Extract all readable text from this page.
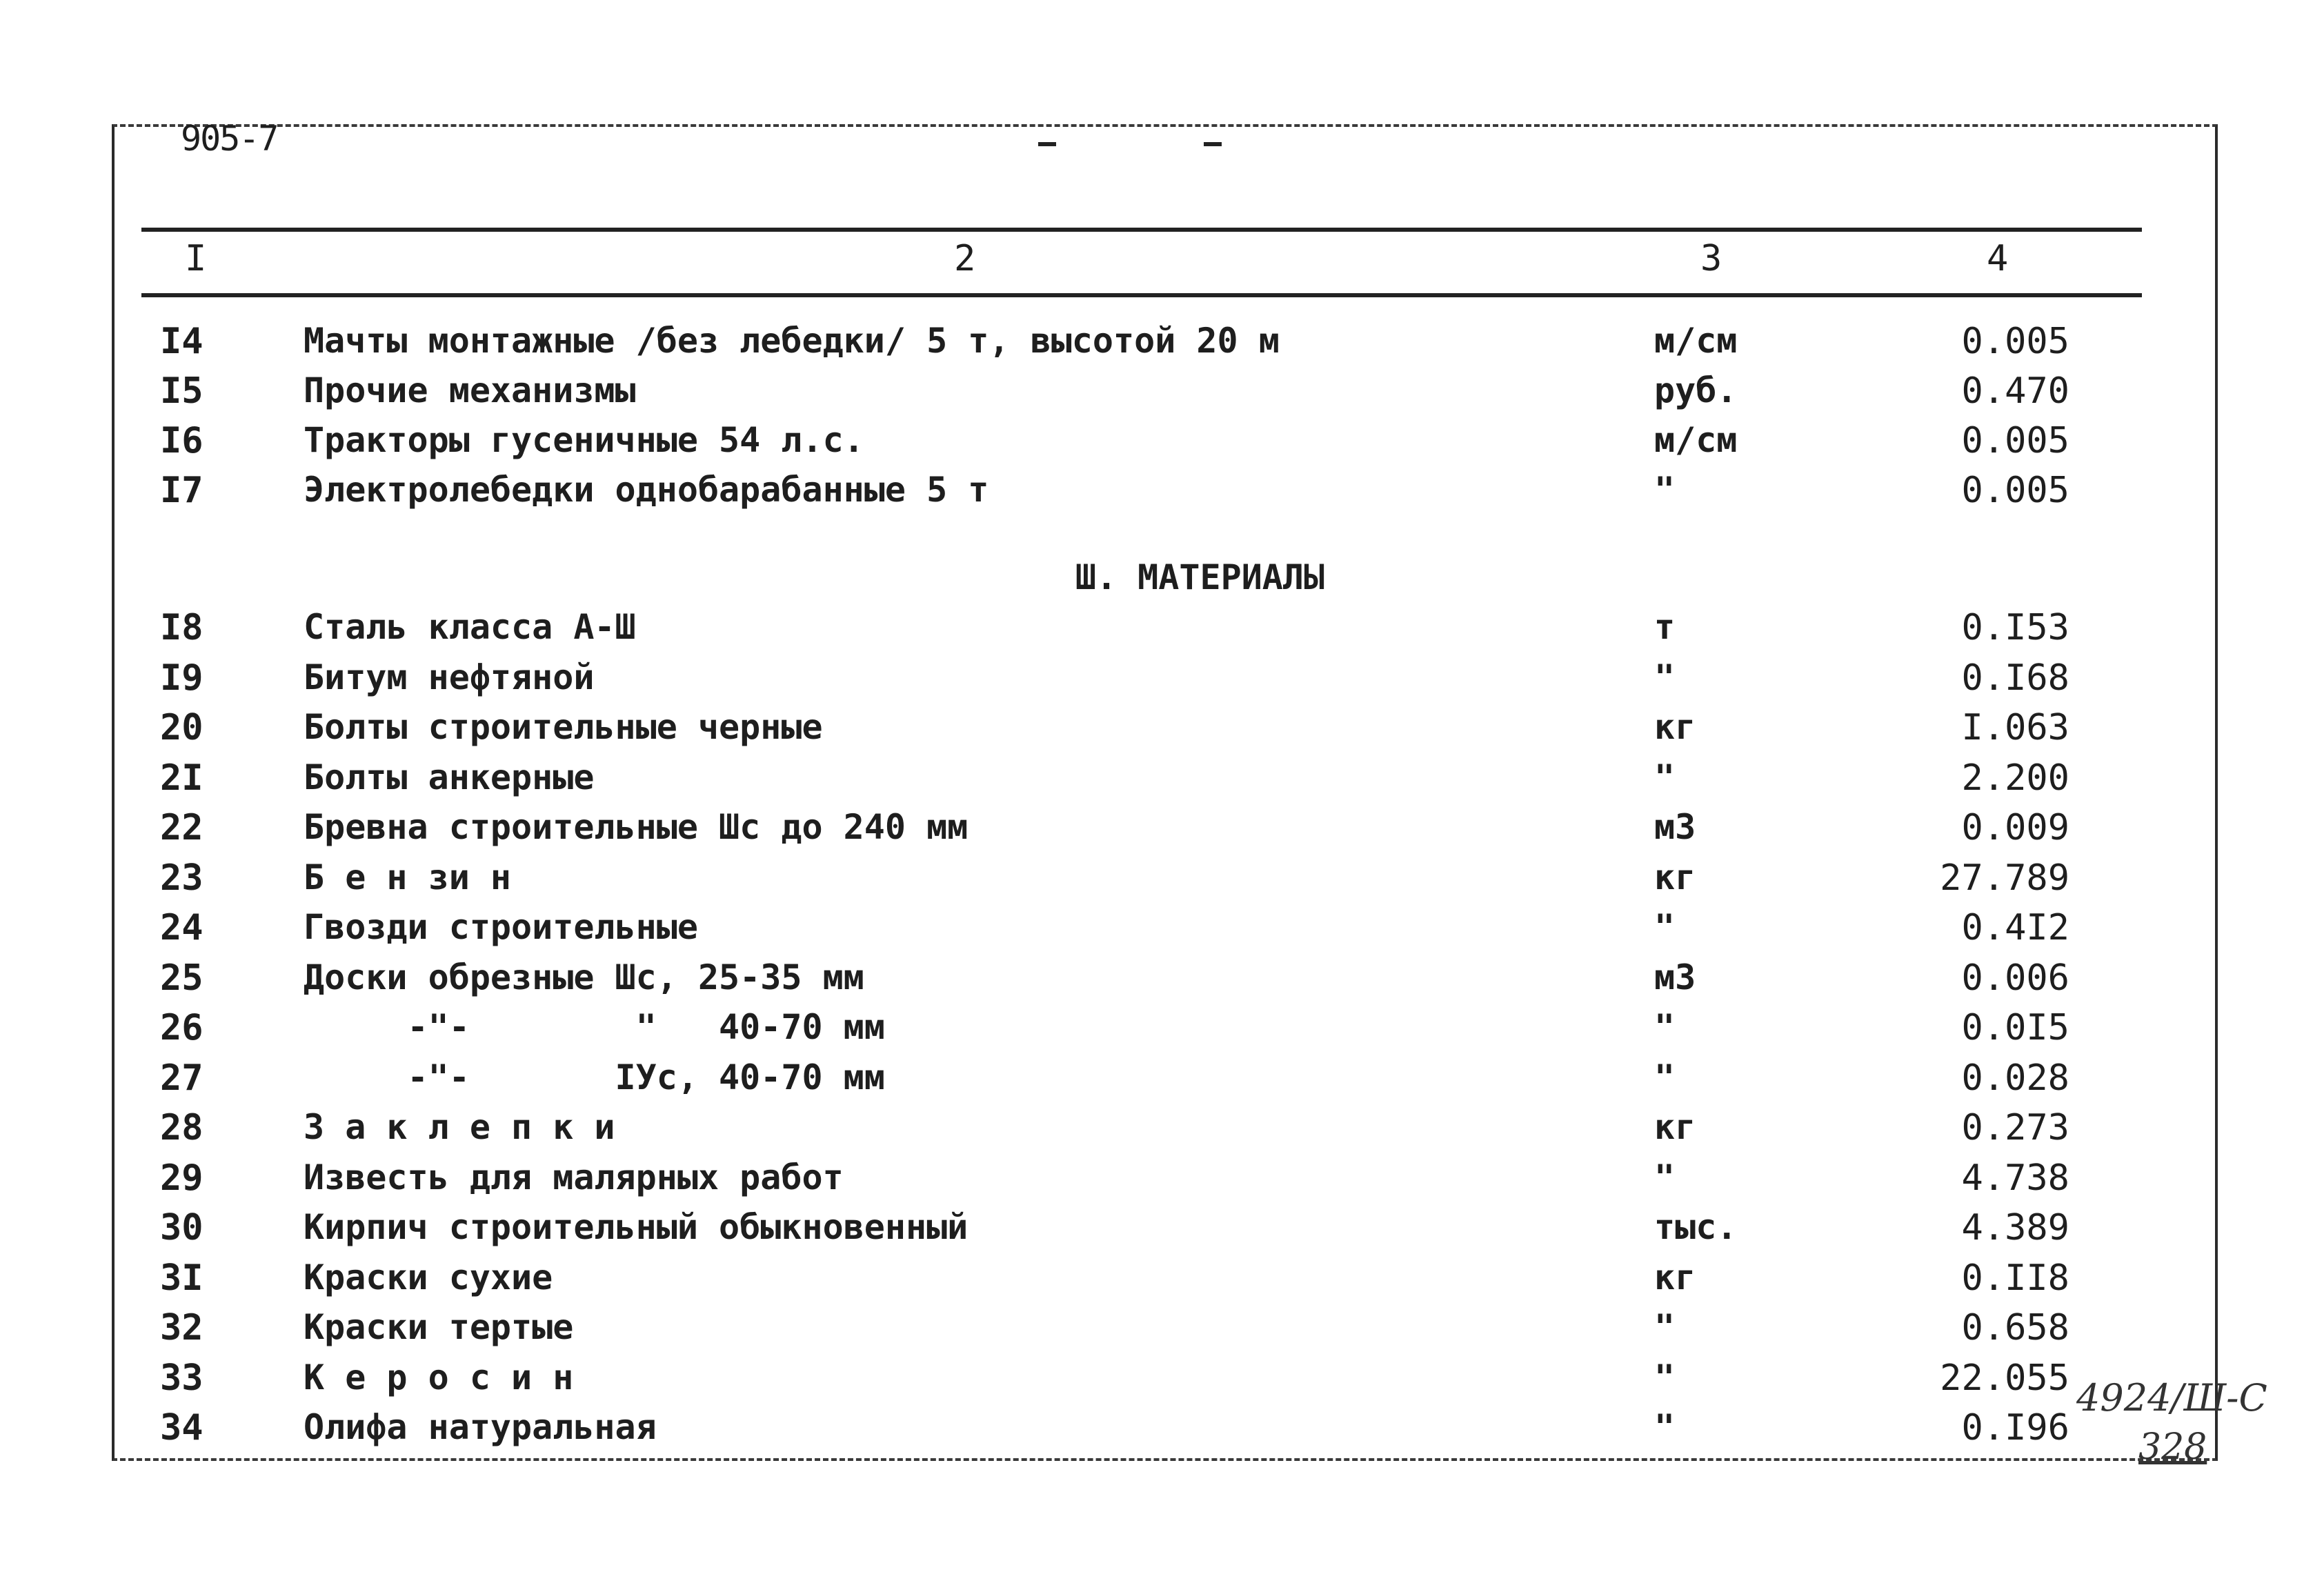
905-7
I	2	3	4
I4	Мачты монтажные /без лебедки/ 5 т, высотой 20 м	м/см	0.005
I5	Прочие механизмы	руб.	0.470
I6	Тракторы гусеничные 54 л.с.	м/см	0.005
I7	Электролебедки однобарабанные 5 т	"	0.005
Ш. МАТЕРИАЛЫ
I8	Сталь класса А-Ш	т	0.I53
I9	Битум нефтяной	"	0.I68
20	Болты строительные черные	кг	I.063
2I	Болты анкерные	"	2.200
22	Бревна строительные Шс до 240 мм	м3	0.009
23	Б е н зи н	кг	27.789
24	Гвозди строительные	"	0.4I2
25	Доски обрезные Шс, 25-35 мм	м3	0.006
26	-"-        "   40-70 мм	"	0.0I5
27	-"-       IУс, 40-70 мм	"	0.028
28	З а к л е п к и	кг	0.273
29	Известь для малярных работ	"	4.738
30	Кирпич строительный обыкновенный	тыс.	4.389
3I	Краски сухие	кг	0.II8
32	Краски тертые	"	0.658
33	К е р о с и н	"	22.055
34	Олифа натуральная	"	0.I96
4924/Ш-С
328
